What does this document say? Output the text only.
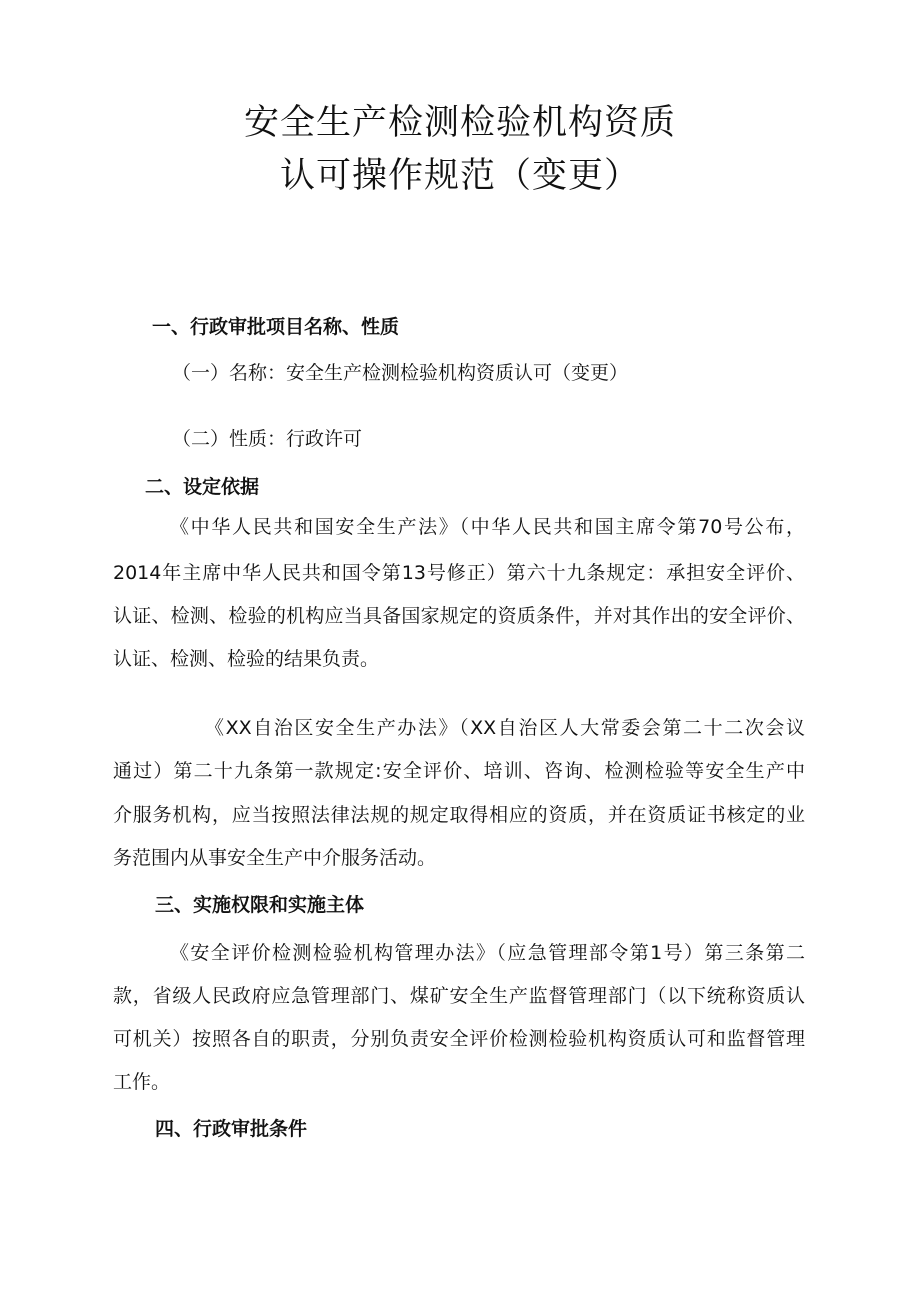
安全生产检测检验机构资质
认可操作规范（变更）
一、行政审批项目名称、性质
（一）名称：安全生产检测检验机构资质认可（变更）
（二）性质：行政许可
二、设定依据
《中华人民共和国安全生产法》（中华人民共和国主席令第70号公布，
2014年主席中华人民共和国令第13号修正）第六十九条规定：承担安全评价、
认证、检测、检验的机构应当具备国家规定的资质条件，并对其作出的安全评价、
认证、检测、检验的结果负责。
《XX自治区安全生产办法》（XX自治区人大常委会第二十二次会议
通过）第二十九条第一款规定:安全评价、培训、咨询、检测检验等安全生产中
介服务机构，应当按照法律法规的规定取得相应的资质，并在资质证书核定的业
务范围内从事安全生产中介服务活动。
三、实施权限和实施主体
《安全评价检测检验机构管理办法》（应急管理部令第1号）第三条第二
款，省级人民政府应急管理部门、煤矿安全生产监督管理部门（以下统称资质认
可机关）按照各自的职责，分别负责安全评价检测检验机构资质认可和监督管理
工作。
四、行政审批条件
